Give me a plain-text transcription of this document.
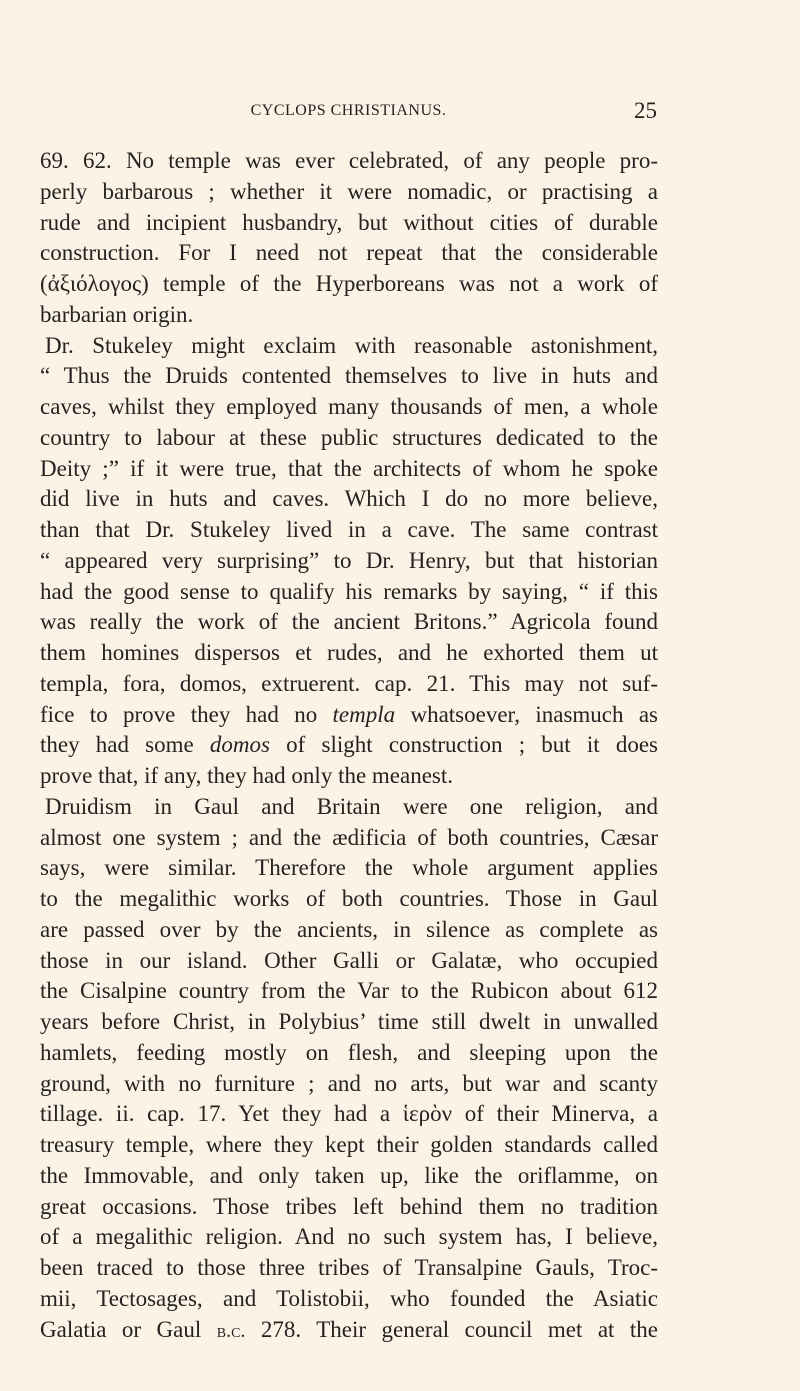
CYCLOPS CHRISTIANUS.	25
69. 62. No temple was ever celebrated, of any people pro-
perly barbarous ; whether it were nomadic, or practising a
rude and incipient husbandry, but without cities of durable
construction. For I need not repeat that the considerable
(ἀξιόλογος) temple of the Hyperboreans was not a work of
barbarian origin.
Dr. Stukeley might exclaim with reasonable astonishment,
“ Thus the Druids contented themselves to live in huts and
caves, whilst they employed many thousands of men, a whole
country to labour at these public structures dedicated to the
Deity ;” if it were true, that the architects of whom he spoke
did live in huts and caves. Which I do no more believe,
than that Dr. Stukeley lived in a cave. The same contrast
“ appeared very surprising” to Dr. Henry, but that historian
had the good sense to qualify his remarks by saying, “ if this
was really the work of the ancient Britons.” Agricola found
them homines dispersos et rudes, and he exhorted them ut
templa, fora, domos, extruerent. cap. 21. This may not suf-
fice to prove they had no templa whatsoever, inasmuch as
they had some domos of slight construction ; but it does
prove that, if any, they had only the meanest.
Druidism in Gaul and Britain were one religion, and
almost one system ; and the ædificia of both countries, Cæsar
says, were similar. Therefore the whole argument applies
to the megalithic works of both countries. Those in Gaul
are passed over by the ancients, in silence as complete as
those in our island. Other Galli or Galatæ, who occupied
the Cisalpine country from the Var to the Rubicon about 612
years before Christ, in Polybius’ time still dwelt in unwalled
hamlets, feeding mostly on flesh, and sleeping upon the
ground, with no furniture ; and no arts, but war and scanty
tillage. ii. cap. 17. Yet they had a ἱερὸν of their Minerva, a
treasury temple, where they kept their golden standards called
the Immovable, and only taken up, like the oriflamme, on
great occasions. Those tribes left behind them no tradition
of a megalithic religion. And no such system has, I believe,
been traced to those three tribes of Transalpine Gauls, Troc-
mii, Tectosages, and Tolistobii, who founded the Asiatic
Galatia or Gaul b.c. 278. Their general council met at the
